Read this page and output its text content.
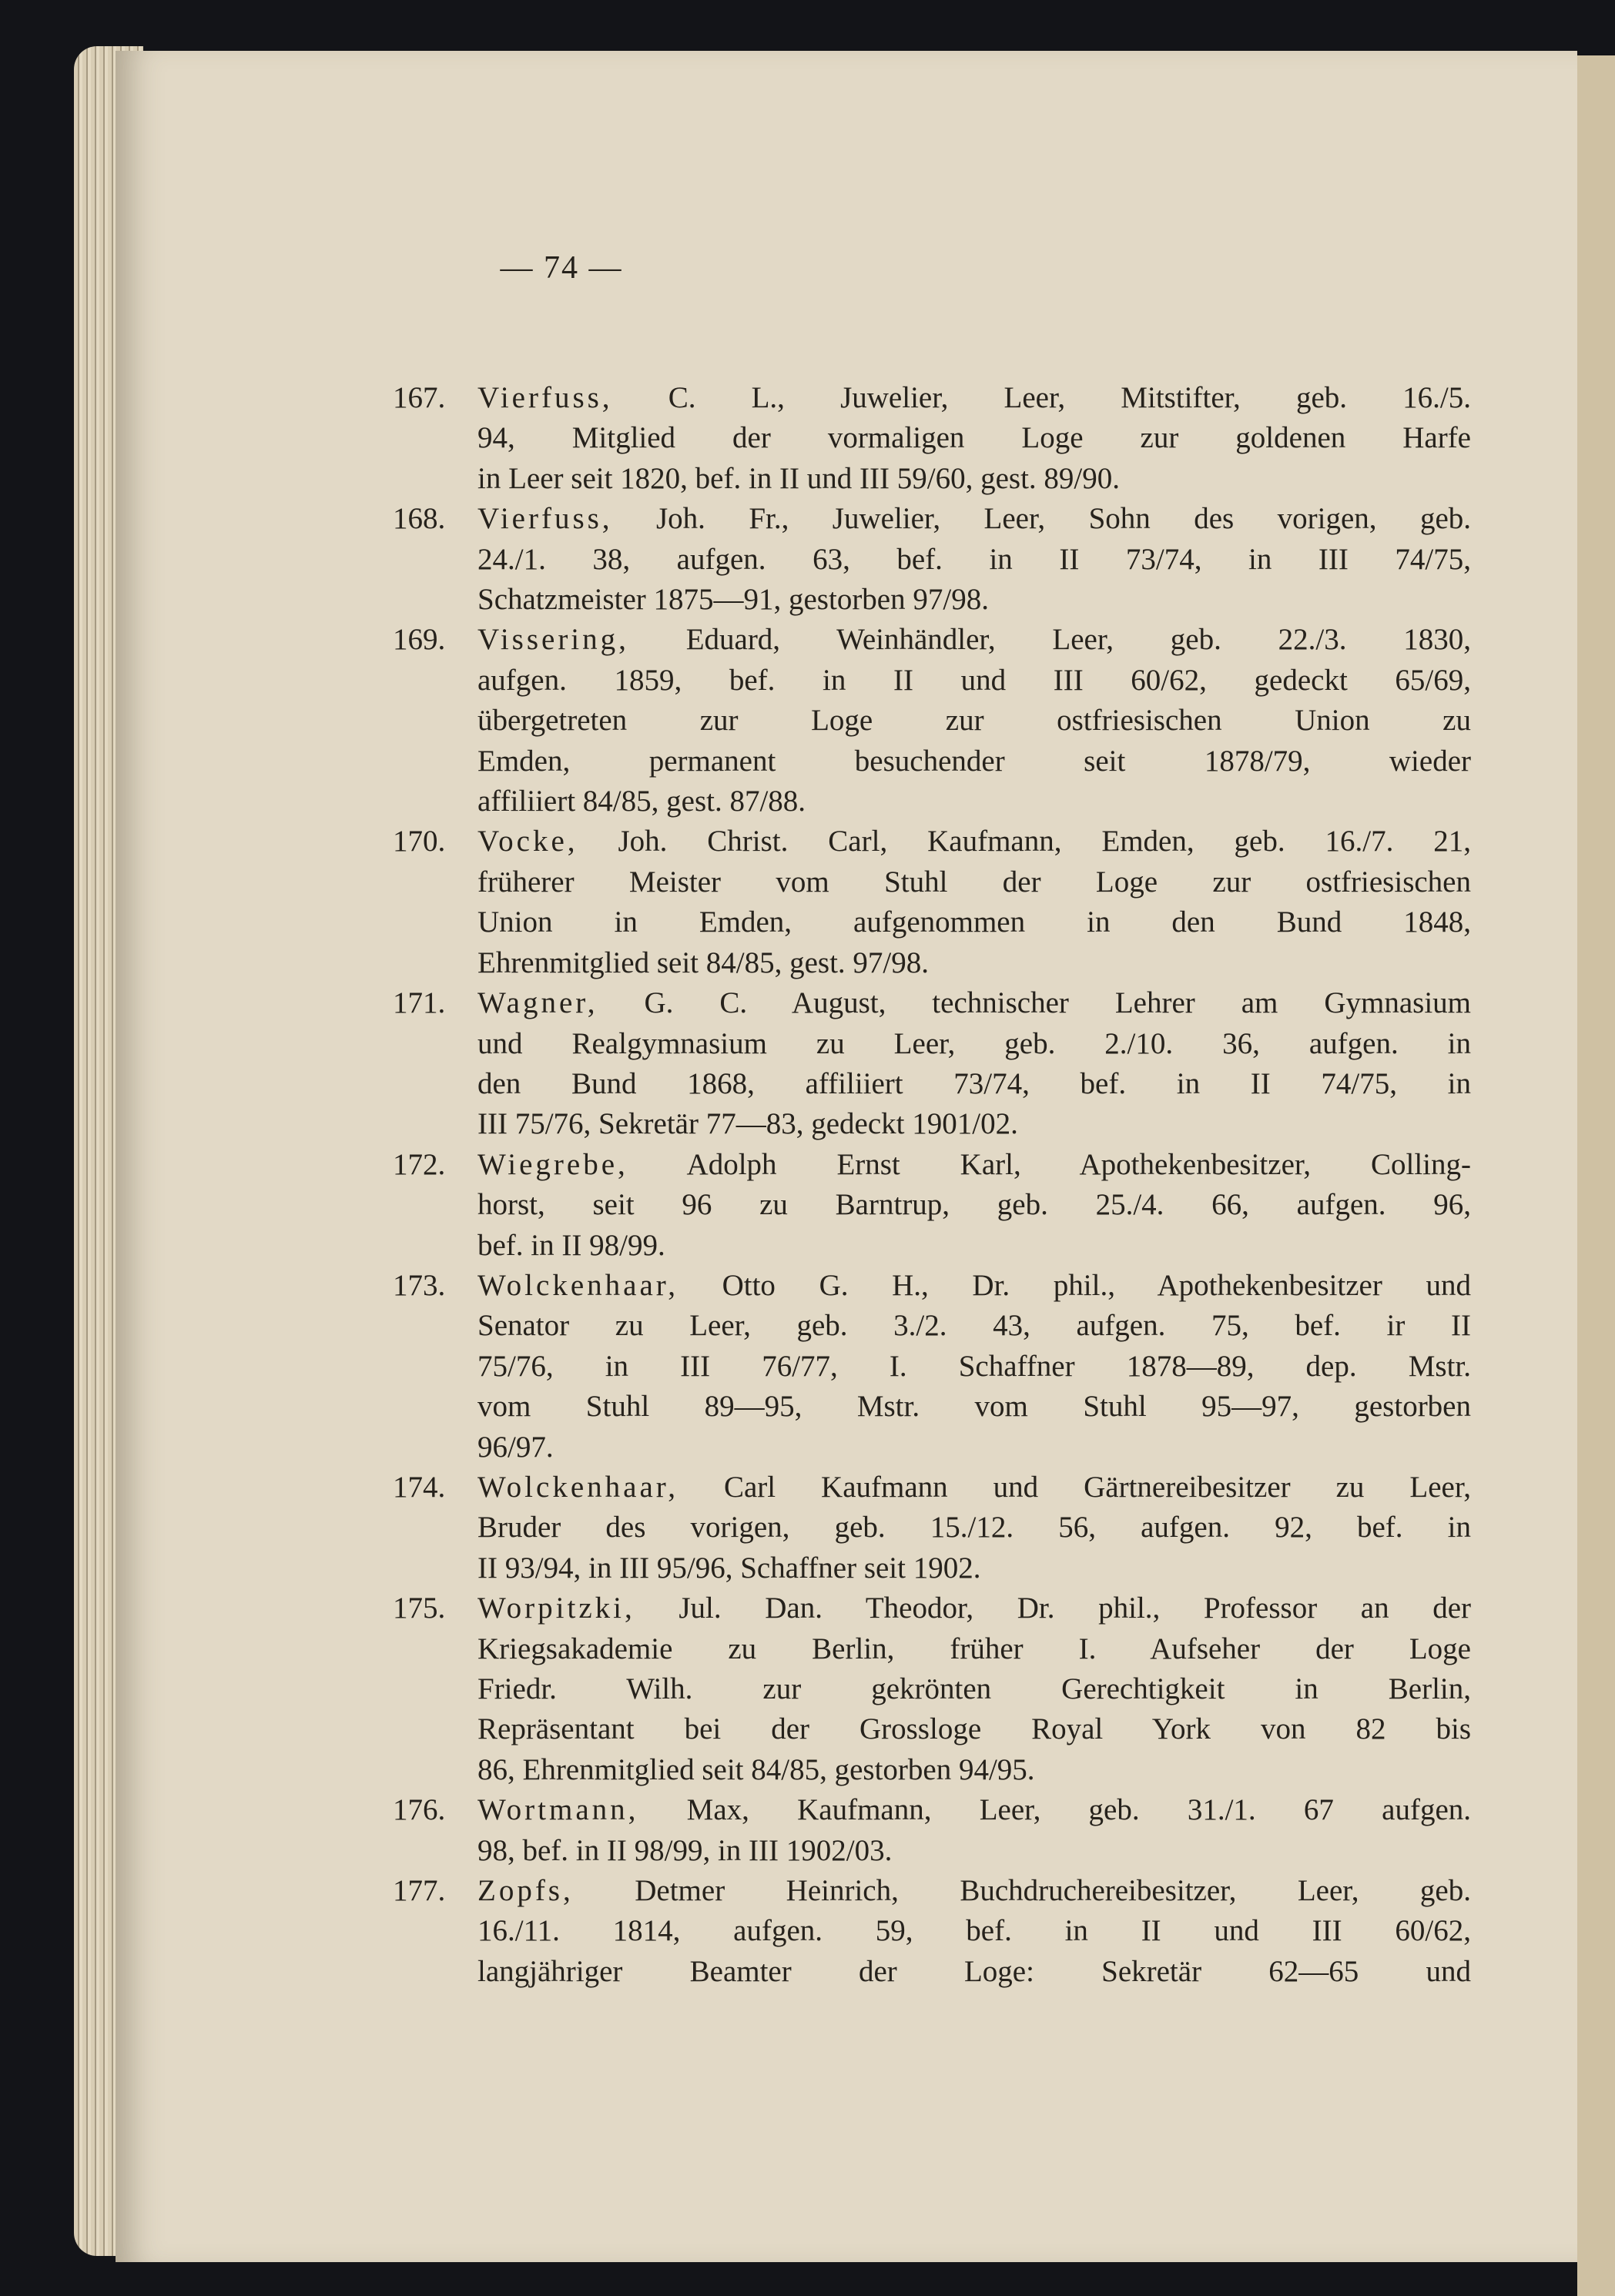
— 74 —
167. Vierfuss, C. L., Juwelier, Leer, Mitstifter, geb. 16./5.
94, Mitglied der vormaligen Loge zur goldenen Harfe
in Leer seit 1820, bef. in II und III 59/60, gest. 89/90.
168. Vierfuss, Joh. Fr., Juwelier, Leer, Sohn des vorigen, geb.
24./1. 38, aufgen. 63, bef. in II 73/74, in III 74/75,
Schatzmeister 1875—91, gestorben 97/98.
169. Vissering, Eduard, Weinhändler, Leer, geb. 22./3. 1830,
aufgen. 1859, bef. in II und III 60/62, gedeckt 65/69,
übergetreten zur Loge zur ostfriesischen Union zu
Emden, permanent besuchender seit 1878/79, wieder
affiliiert 84/85, gest. 87/88.
170. Vocke, Joh. Christ. Carl, Kaufmann, Emden, geb. 16./7. 21,
früherer Meister vom Stuhl der Loge zur ostfriesischen
Union in Emden, aufgenommen in den Bund 1848,
Ehrenmitglied seit 84/85, gest. 97/98.
171. Wagner, G. C. August, technischer Lehrer am Gymnasium
und Realgymnasium zu Leer, geb. 2./10. 36, aufgen. in
den Bund 1868, affiliiert 73/74, bef. in II 74/75, in
III 75/76, Sekretär 77—83, gedeckt 1901/02.
172. Wiegrebe, Adolph Ernst Karl, Apothekenbesitzer, Colling-
horst, seit 96 zu Barntrup, geb. 25./4. 66, aufgen. 96,
bef. in II 98/99.
173. Wolckenhaar, Otto G. H., Dr. phil., Apothekenbesitzer und
Senator zu Leer, geb. 3./2. 43, aufgen. 75, bef. ir II
75/76, in III 76/77, I. Schaffner 1878—89, dep. Mstr.
vom Stuhl 89—95, Mstr. vom Stuhl 95—97, gestorben
96/97.
174. Wolckenhaar, Carl Kaufmann und Gärtnereibesitzer zu Leer,
Bruder des vorigen, geb. 15./12. 56, aufgen. 92, bef. in
II 93/94, in III 95/96, Schaffner seit 1902.
175. Worpitzki, Jul. Dan. Theodor, Dr. phil., Professor an der
Kriegsakademie zu Berlin, früher I. Aufseher der Loge
Friedr. Wilh. zur gekrönten Gerechtigkeit in Berlin,
Repräsentant bei der Grossloge Royal York von 82 bis
86, Ehrenmitglied seit 84/85, gestorben 94/95.
176. Wortmann, Max, Kaufmann, Leer, geb. 31./1. 67 aufgen.
98, bef. in II 98/99, in III 1902/03.
177. Zopfs, Detmer Heinrich, Buchdruchereibesitzer, Leer, geb.
16./11. 1814, aufgen. 59, bef. in II und III 60/62,
langjähriger Beamter der Loge: Sekretär 62—65 und
